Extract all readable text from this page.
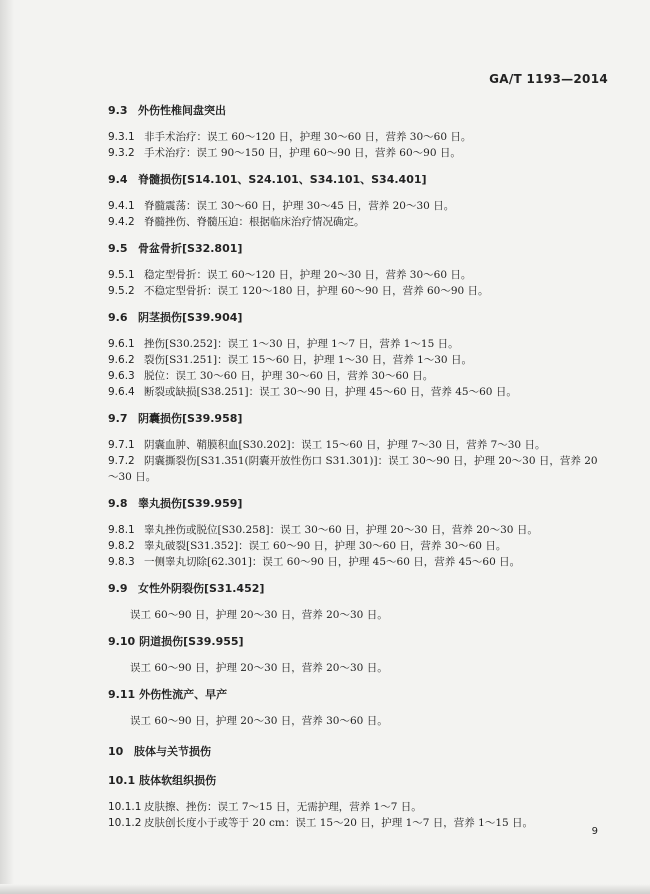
GA/T 1193—2014
9.3 外伤性椎间盘突出
9.3.1 非手术治疗：误工 60～120 日，护理 30～60 日，营养 30～60 日。
9.3.2 手术治疗：误工 90～150 日，护理 60～90 日，营养 60～90 日。
9.4 脊髓损伤[S14.101、S24.101、S34.101、S34.401]
9.4.1 脊髓震荡：误工 30～60 日，护理 30～45 日，营养 20～30 日。
9.4.2 脊髓挫伤、脊髓压迫：根据临床治疗情况确定。
9.5 骨盆骨折[S32.801]
9.5.1 稳定型骨折：误工 60～120 日，护理 20～30 日，营养 30～60 日。
9.5.2 不稳定型骨折：误工 120～180 日，护理 60～90 日，营养 60～90 日。
9.6 阴茎损伤[S39.904]
9.6.1 挫伤[S30.252]：误工 1～30 日，护理 1～7 日，营养 1～15 日。
9.6.2 裂伤[S31.251]：误工 15～60 日，护理 1～30 日，营养 1～30 日。
9.6.3 脱位：误工 30～60 日，护理 30～60 日，营养 30～60 日。
9.6.4 断裂或缺损[S38.251]：误工 30～90 日，护理 45～60 日，营养 45～60 日。
9.7 阴囊损伤[S39.958]
9.7.1 阴囊血肿、鞘膜积血[S30.202]：误工 15～60 日，护理 7～30 日，营养 7～30 日。
9.7.2 阴囊撕裂伤[S31.351(阴囊开放性伤口 S31.301)]：误工 30～90 日，护理 20～30 日，营养 20～30 日。
9.8 睾丸损伤[S39.959]
9.8.1 睾丸挫伤或脱位[S30.258]：误工 30～60 日，护理 20～30 日，营养 20～30 日。
9.8.2 睾丸破裂[S31.352]：误工 60～90 日，护理 30～60 日，营养 30～60 日。
9.8.3 一侧睾丸切除[62.301]：误工 60～90 日，护理 45～60 日，营养 45～60 日。
9.9 女性外阴裂伤[S31.452]
误工 60～90 日，护理 20～30 日，营养 20～30 日。
9.10 阴道损伤[S39.955]
误工 60～90 日，护理 20～30 日，营养 20～30 日。
9.11 外伤性流产、早产
误工 60～90 日，护理 20～30 日，营养 30～60 日。
10 肢体与关节损伤
10.1 肢体软组织损伤
10.1.1 皮肤擦、挫伤：误工 7～15 日，无需护理，营养 1～7 日。
10.1.2 皮肤创长度小于或等于 20 cm：误工 15～20 日，护理 1～7 日，营养 1～15 日。
9
